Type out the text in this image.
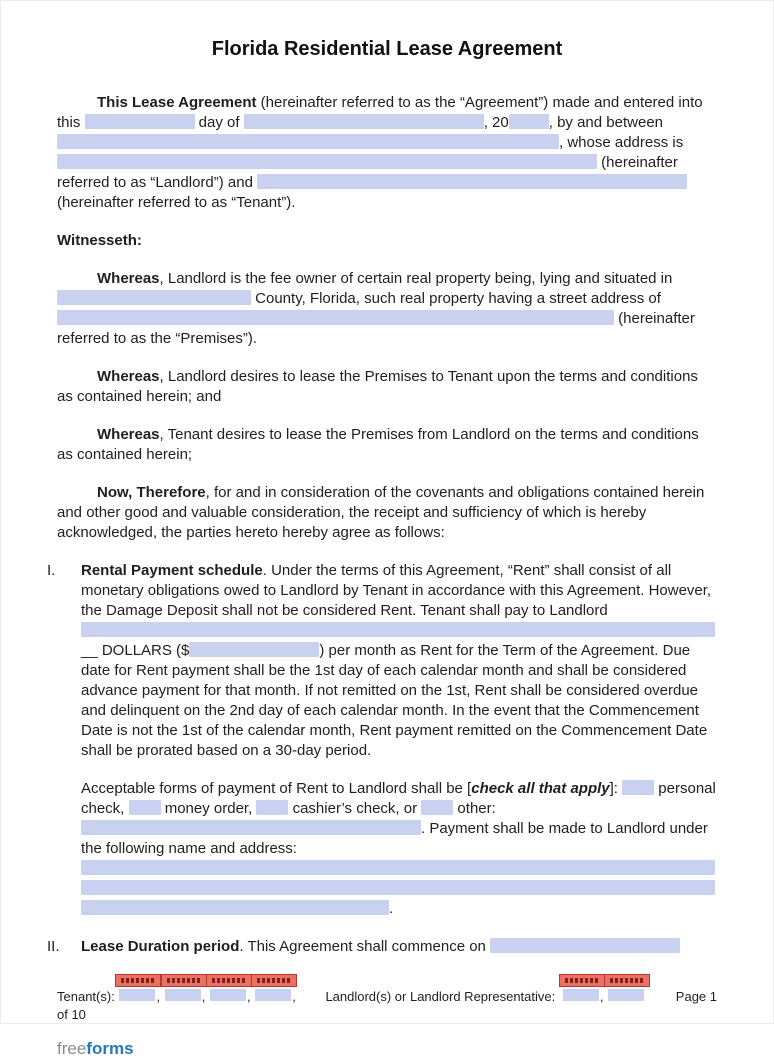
Florida Residential Lease Agreement

This Lease Agreement (hereinafter referred to as the “Agreement”) made and entered into this	day of	, 20	, by and between , whose address is  (hereinafter referred to as “Landlord”) and  (hereinafter referred to as “Tenant”).

Witnesseth:

Whereas, Landlord is the fee owner of certain real property being, lying and situated in  County, Florida, such real property having a street address of  (hereinafter referred to as the “Premises”).

Whereas, Landlord desires to lease the Premises to Tenant upon the terms and conditions as contained herein; and

Whereas, Tenant desires to lease the Premises from Landlord on the terms and conditions as contained herein;

Now, Therefore, for and in consideration of the covenants and obligations contained herein and other good and valuable consideration, the receipt and sufficiency of which is hereby acknowledged, the parties hereto hereby agree as follows:

I.	Rental Payment schedule. Under the terms of this Agreement, “Rent” shall consist of all monetary obligations owed to Landlord by Tenant in accordance with this Agreement. However, the Damage Deposit shall not be considered Rent. Tenant shall pay to Landlord __ DOLLARS ($	) per month as Rent for the Term of the Agreement. Due date for Rent payment shall be the 1st day of each calendar month and shall be considered advance payment for that month. If not remitted on the 1st, Rent shall be considered overdue and delinquent on the 2nd day of each calendar month. In the event that the Commencement Date is not the 1st of the calendar month, Rent payment remitted on the Commencement Date shall be prorated based on a 30-day period.

Acceptable forms of payment of Rent to Landlord shall be [check all that apply]:  personal check,  money order,  cashier’s check, or  other: . Payment shall be made to Landlord under the following name and address: .

II.	Lease Duration period. This Agreement shall commence on

Tenant(s):	,	,	,	, Landlord(s) or Landlord Representative:	,	Page 1
of 10
freeforms
